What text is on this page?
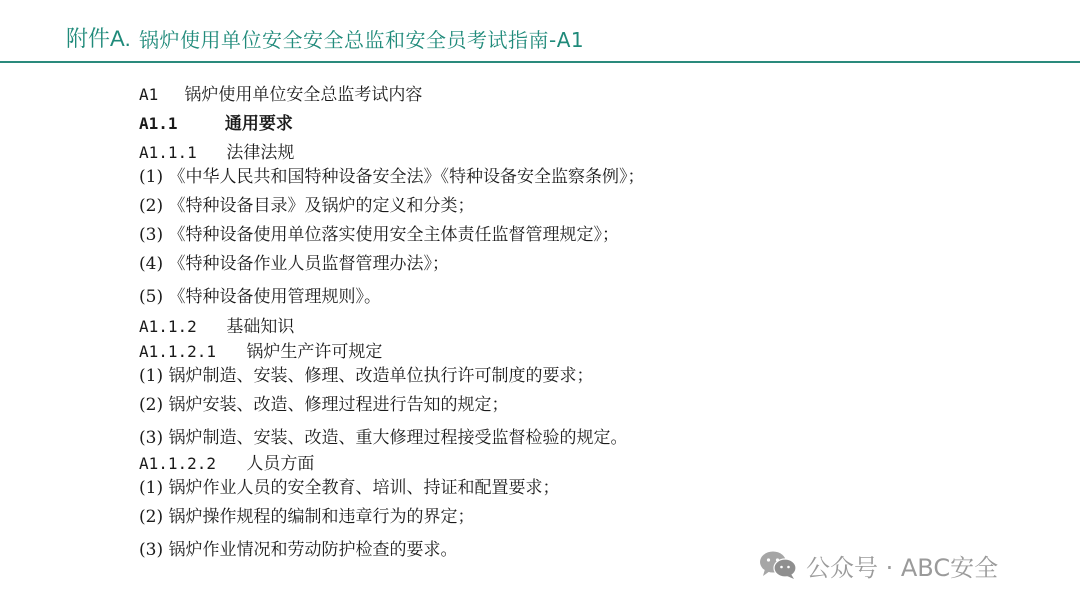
附件A. 锅炉使用单位安全安全总监和安全员考试指南-A1
A1 锅炉使用单位安全总监考试内容
A1.1	通用要求
A1.1.1 法律法规
(1) 《中华人民共和国特种设备安全法》《特种设备安全监察条例》；
(2) 《特种设备目录》及锅炉的定义和分类；
(3) 《特种设备使用单位落实使用安全主体责任监督管理规定》；
(4) 《特种设备作业人员监督管理办法》；
(5) 《特种设备使用管理规则》。
A1.1.2 基础知识
A1.1.2.1 锅炉生产许可规定
(1) 锅炉制造、安装、修理、改造单位执行许可制度的要求；
(2) 锅炉安装、改造、修理过程进行告知的规定；
(3) 锅炉制造、安装、改造、重大修理过程接受监督检验的规定。
A1.1.2.2 人员方面
(1) 锅炉作业人员的安全教育、培训、持证和配置要求；
(2) 锅炉操作规程的编制和违章行为的界定；
(3) 锅炉作业情况和劳动防护检查的要求。
公众号 · ABC安全
